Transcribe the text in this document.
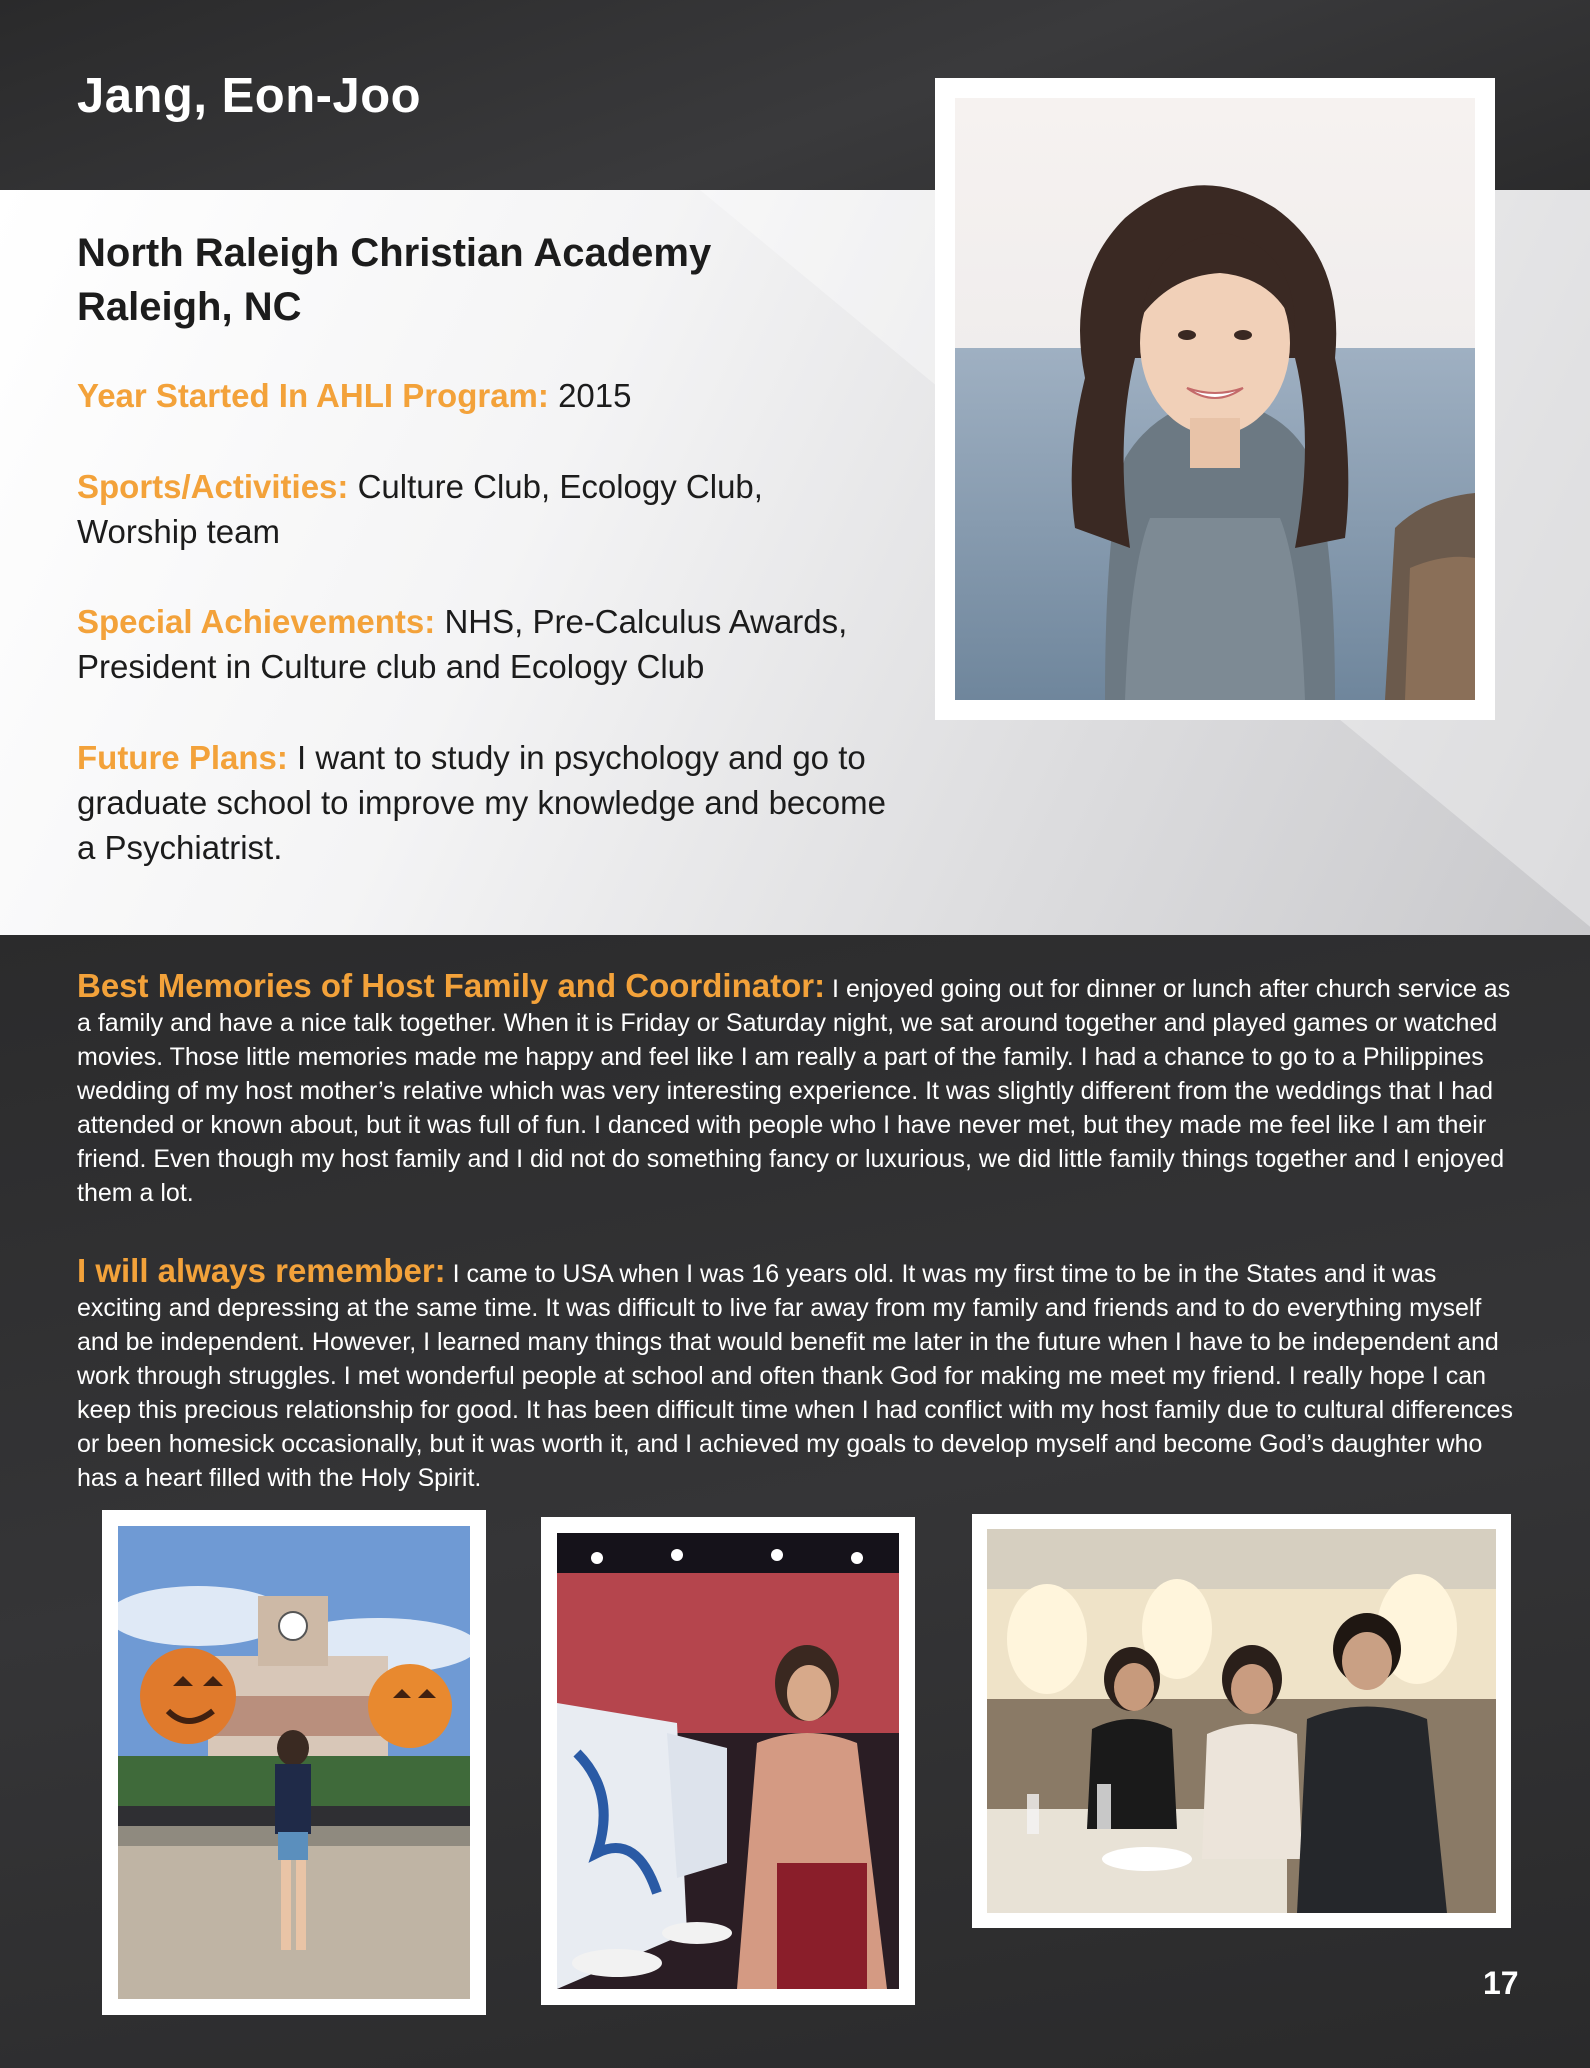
Jang, Eon-Joo
North Raleigh Christian Academy
Raleigh, NC

Year Started In AHLI Program: 2015

Sports/Activities: Culture Club, Ecology Club, Worship team

Special Achievements: NHS, Pre-Calculus Awards, President in Culture club and Ecology Club

Future Plans: I want to study in psychology and go to graduate school to improve my knowledge and become a Psychiatrist.

Best Memories of Host Family and Coordinator: I enjoyed going out for dinner or lunch after church service as a family and have a nice talk together. When it is Friday or Saturday night, we sat around together and played games or watched movies. Those little memories made me happy and feel like I am really a part of the family. I had a chance to go to a Philippines wedding of my host mother’s relative which was very interesting experience. It was slightly different from the weddings that I had attended or known about, but it was full of fun. I danced with people who I have never met, but they made me feel like I am their friend. Even though my host family and I did not do something fancy or luxurious, we did little family things together and I enjoyed them a lot.

I will always remember: I came to USA when I was 16 years old. It was my first time to be in the States and it was exciting and depressing at the same time. It was difficult to live far away from my family and friends and to do everything myself and be independent. However, I learned many things that would benefit me later in the future when I have to be independent and work through struggles. I met wonderful people at school and often thank God for making me meet my friend. I really hope I can keep this precious relationship for good. It has been difficult time when I had conflict with my host family due to cultural differences or been homesick occasionally, but it was worth it, and I achieved my goals to develop myself and become God’s daughter who has a heart filled with the Holy Spirit.

17
